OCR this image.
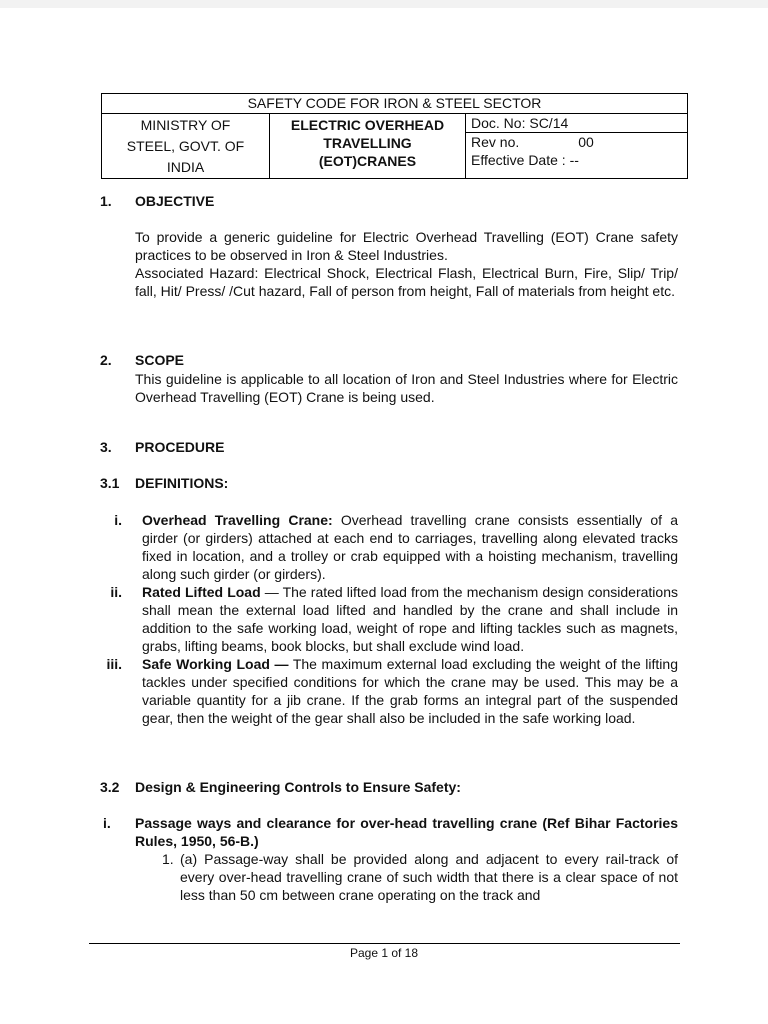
SAFETY CODE FOR IRON & STEEL SECTOR

MINISTRY OF
STEEL, GOVT. OF
INDIA

ELECTRIC OVERHEAD
TRAVELLING
(EOT)CRANES

Doc. No: SC/14
Rev no.	00
Effective Date : --
1. OBJECTIVE

To provide a generic guideline for Electric Overhead Travelling (EOT) Crane safety practices to be observed in Iron & Steel Industries.

Associated Hazard: Electrical Shock, Electrical Flash, Electrical Burn, Fire, Slip/ Trip/ fall, Hit/ Press/ /Cut hazard, Fall of person from height, Fall of materials from height etc.

2. SCOPE

This guideline is applicable to all location of Iron and Steel Industries where for Electric Overhead Travelling (EOT) Crane is being used.

3. PROCEDURE
3.1 DEFINITIONS:
i. Overhead Travelling Crane: Overhead travelling crane consists essentially of a girder (or girders) attached at each end to carriages, travelling along elevated tracks fixed in location, and a trolley or crab equipped with a hoisting mechanism, travelling along such girder (or girders).
ii. Rated Lifted Load — The rated lifted load from the mechanism design considerations shall mean the external load lifted and handled by the crane and shall include in addition to the safe working load, weight of rope and lifting tackles such as magnets, grabs, lifting beams, book blocks, but shall exclude wind load.
iii. Safe Working Load — The maximum external load excluding the weight of the lifting tackles under specified conditions for which the crane may be used. This may be a variable quantity for a jib crane. If the grab forms an integral part of the suspended gear, then the weight of the gear shall also be included in the safe working load.
3.2 Design & Engineering Controls to Ensure Safety:
i. Passage ways and clearance for over-head travelling crane (Ref Bihar Factories Rules, 1950, 56-B.)
1. (a) Passage-way shall be provided along and adjacent to every rail-track of every over-head travelling crane of such width that there is a clear space of not less than 50 cm between crane operating on the track and
Page 1 of 18
